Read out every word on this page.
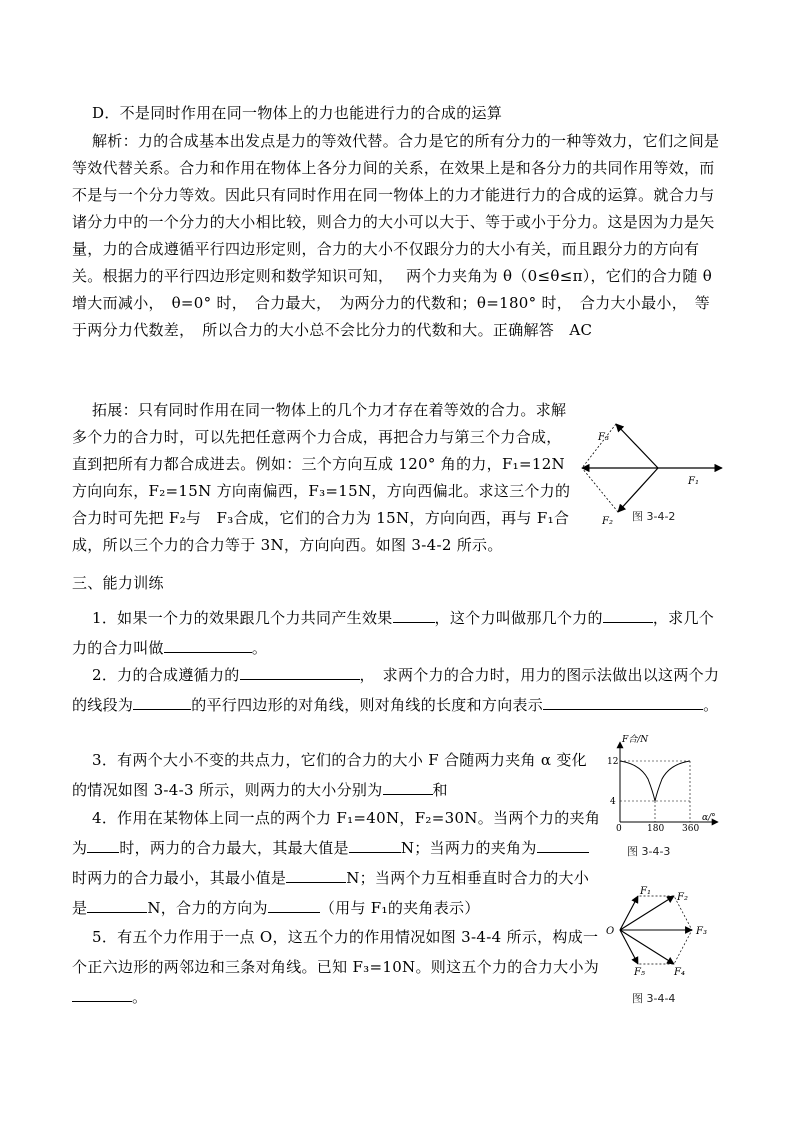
D．不是同时作用在同一物体上的力也能进行力的合成的运算
解析：力的合成基本出发点是力的等效代替。合力是它的所有分力的一种等效力，它们之间是等效代替关系。合力和作用在物体上各分力间的关系，在效果上是和各分力的共同作用等效，而不是与一个分力等效。因此只有同时作用在同一物体上的力才能进行力的合成的运算。就合力与诸分力中的一个分力的大小相比较，则合力的大小可以大于、等于或小于分力。这是因为力是矢量，力的合成遵循平行四边形定则，合力的大小不仅跟分力的大小有关，而且跟分力的方向有关。根据力的平行四边形定则和数学知识可知，　 两个力夹角为 θ（0≤θ≤π），它们的合力随 θ 增大而减小，　θ=0° 时，　合力最大，　为两分力的代数和；θ=180° 时，　合力大小最小，　等于两分力代数差，　所以合力的大小总不会比分力的代数和大。正确解答　AC
拓展：只有同时作用在同一物体上的几个力才存在着等效的合力。求解多个力的合力时，可以先把任意两个力合成，再把合力与第三个力合成，直到把所有力都合成进去。例如：三个方向互成 120° 角的力，F₁=12N 方向向东，F₂=15N 方向南偏西，F₃=15N，方向西偏北。求这三个力的合力时可先把 F₂与　F₃合成，它们的合力为 15N，方向向西，再与 F₁合成，所以三个力的合力等于 3N，方向向西。如图 3-4-2 所示。
三、能力训练
1．如果一个力的效果跟几个力共同产生效果	，这个力叫做那几个力的	，求几个力的合力叫做	。
2．力的合成遵循力的	，　求两个力的合力时，用力的图示法做出以这两个力的线段为	的平行四边形的对角线，则对角线的长度和方向表示	。
3．有两个大小不变的共点力，它们的合力的大小 F 合随两力夹角 α 变化的情况如图 3-4-3 所示，则两力的大小分别为	和
4．作用在某物体上同一点的两个力 F₁=40N，F₂=30N。当两个力的夹角为 时，两力的合力最大，其最大值是	N；当两力的夹角为时两力的合力最小，其最小值是	N；当两个力互相垂直时合力的大小是	N，合力的方向为	（用与 F₁的夹角表示）
5．有五个力作用于一点 O，这五个力的作用情况如图 3-4-4 所示，构成一个正六边形的两邻边和三条对角线。已知 F₃=10N。则这五个力的合力大小为。
F₃
F₁
F₂ 图 3-4-2
F合/N
α/°
12
4
0	180 360
图 3-4-3
O
F₁
F₂
F₃
F₄
F₅
图 3-4-4
